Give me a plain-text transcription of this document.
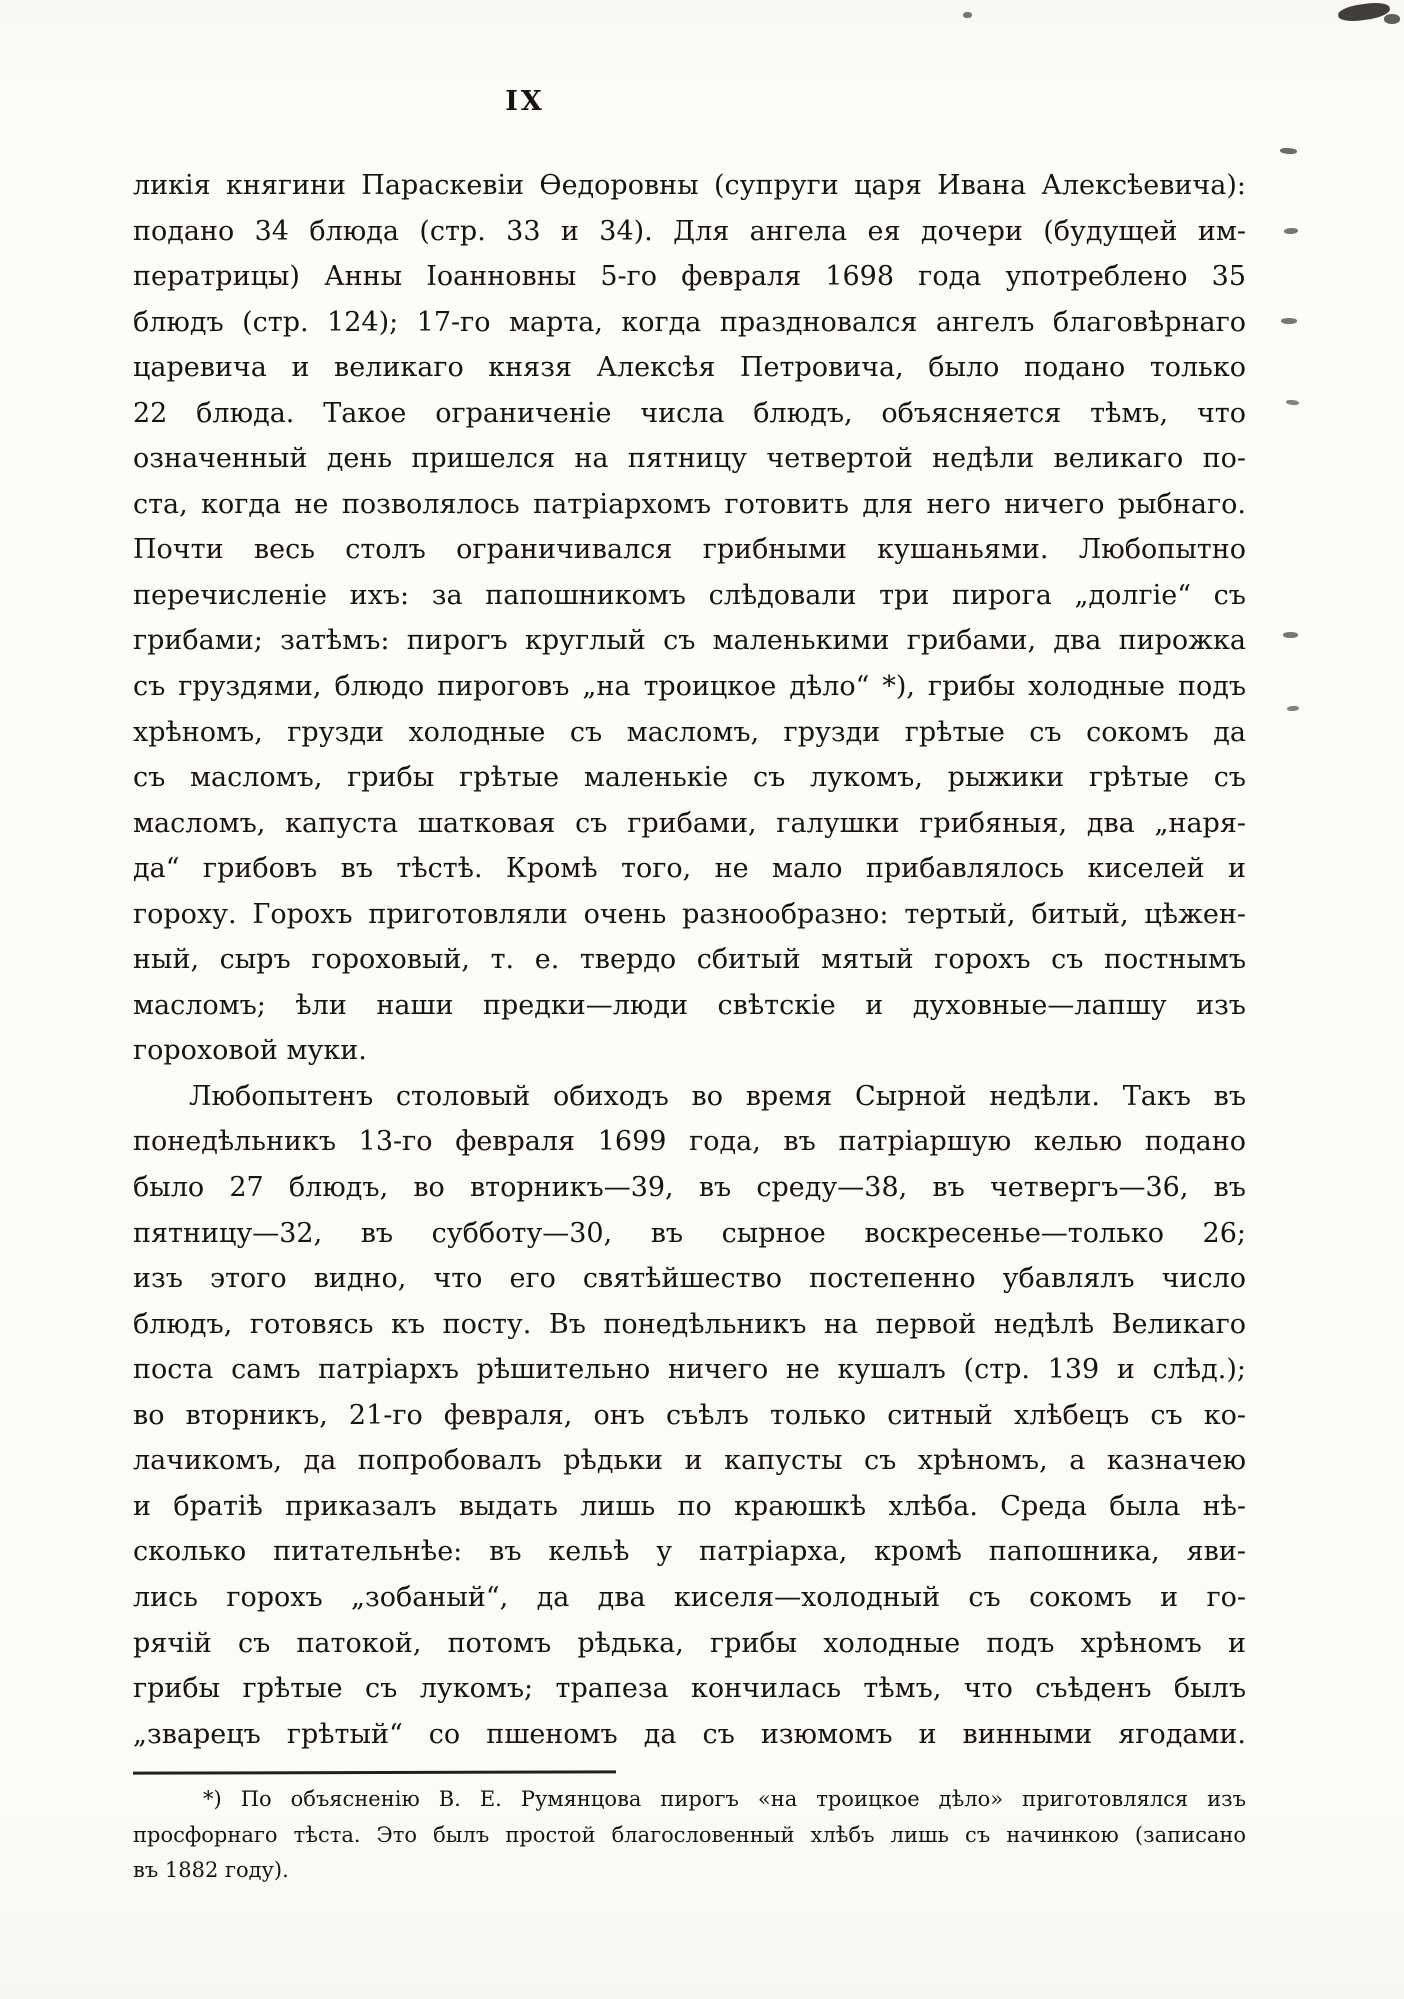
IX
ликія княгини Параскевіи Ѳедоровны (супруги царя Ивана Алексѣевича):
подано 34 блюда (стр. 33 и 34). Для ангела ея дочери (будущей им-
ператрицы) Анны Іоанновны 5-го февраля 1698 года употреблено 35
блюдъ (стр. 124); 17-го марта, когда праздновался ангелъ благовѣрнаго
царевича и великаго князя Алексѣя Петровича, было подано только
22 блюда. Такое ограниченіе числа блюдъ, объясняется тѣмъ, что
означенный день пришелся на пятницу четвертой недѣли великаго по-
ста, когда не позволялось патріархомъ готовить для него ничего рыбнаго.
Почти весь столъ ограничивался грибными кушаньями. Любопытно
перечисленіе ихъ: за папошникомъ слѣдовали три пирога „долгіе“ съ
грибами; затѣмъ: пирогъ круглый съ маленькими грибами, два пирожка
съ груздями, блюдо пироговъ „на троицкое дѣло“ *), грибы холодные подъ
хрѣномъ, грузди холодные съ масломъ, грузди грѣтые съ сокомъ да
съ масломъ, грибы грѣтые маленькіе съ лукомъ, рыжики грѣтые съ
масломъ, капуста шатковая съ грибами, галушки грибяныя, два „наря-
да“ грибовъ въ тѣстѣ. Кромѣ того, не мало прибавлялось киселей и
гороху. Горохъ приготовляли очень разнообразно: тертый, битый, цѣжен-
ный, сыръ гороховый, т. е. твердо сбитый мятый горохъ съ постнымъ
масломъ; ѣли наши предки—люди свѣтскіе и духовные—лапшу изъ
гороховой муки.
Любопытенъ столовый обиходъ во время Сырной недѣли. Такъ въ
понедѣльникъ 13-го февраля 1699 года, въ патріаршую келью подано
было 27 блюдъ, во вторникъ—39, въ среду—38, въ четвергъ—36, въ
пятницу—32, въ субботу—30, въ сырное воскресенье—только 26;
изъ этого видно, что его святѣйшество постепенно убавлялъ число
блюдъ, готовясь къ посту. Въ понедѣльникъ на первой недѣлѣ Великаго
поста самъ патріархъ рѣшительно ничего не кушалъ (стр. 139 и слѣд.);
во вторникъ, 21-го февраля, онъ съѣлъ только ситный хлѣбецъ съ ко-
лачикомъ, да попробовалъ рѣдьки и капусты съ хрѣномъ, а казначею
и братіѣ приказалъ выдать лишь по краюшкѣ хлѣба. Среда была нѣ-
сколько питательнѣе: въ кельѣ у патріарха, кромѣ папошника, яви-
лись горохъ „зобаный“, да два киселя—холодный съ сокомъ и го-
рячій съ патокой, потомъ рѣдька, грибы холодные подъ хрѣномъ и
грибы грѣтые съ лукомъ; трапеза кончилась тѣмъ, что съѣденъ былъ
„зварецъ грѣтый“ со пшеномъ да съ изюмомъ и винными ягодами.
*) По объясненію В. Е. Румянцова пирогъ «на троицкое дѣло» приготовлялся изъ
просфорнаго тѣста. Это былъ простой благословенный хлѣбъ лишь съ начинкою (записано
въ 1882 году).
